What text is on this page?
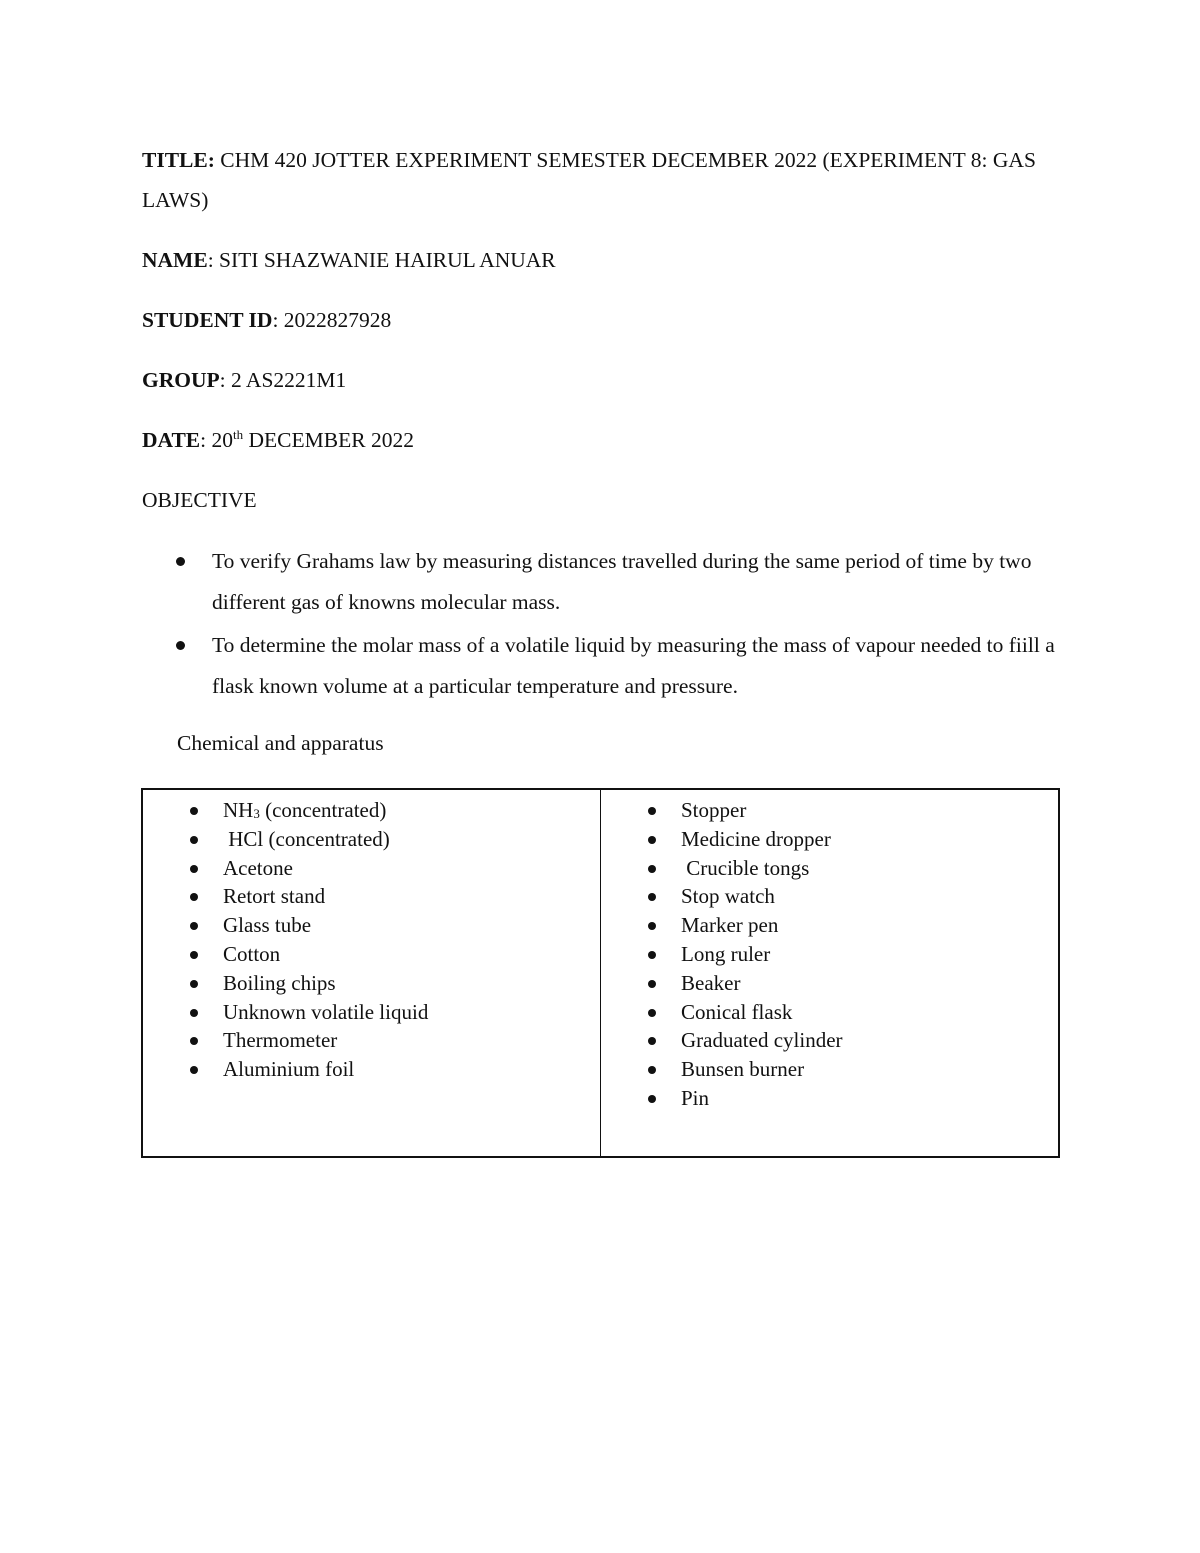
TITLE: CHM 420 JOTTER EXPERIMENT SEMESTER DECEMBER 2022 (EXPERIMENT 8: GAS LAWS)

NAME: SITI SHAZWANIE HAIRUL ANUAR

STUDENT ID: 2022827928

GROUP: 2 AS2221M1

DATE: 20th DECEMBER 2022

OBJECTIVE

To verify Grahams law by measuring distances travelled during the same period of time by two different gas of knowns molecular mass.
To determine the molar mass of a volatile liquid by measuring the mass of vapour needed to fiill a flask known volume at a particular temperature and pressure.

Chemical and apparatus

$NH_3$ (concentrated)
HCl (concentrated)
Acetone
Retort stand
Glass tube
Cotton
Boiling chips
Unknown volatile liquid
Thermometer
Aluminium foil

Stopper
Medicine dropper
Crucible tongs
Stop watch
Marker pen
Long ruler
Beaker
Conical flask
Graduated cylinder
Bunsen burner
Pin
